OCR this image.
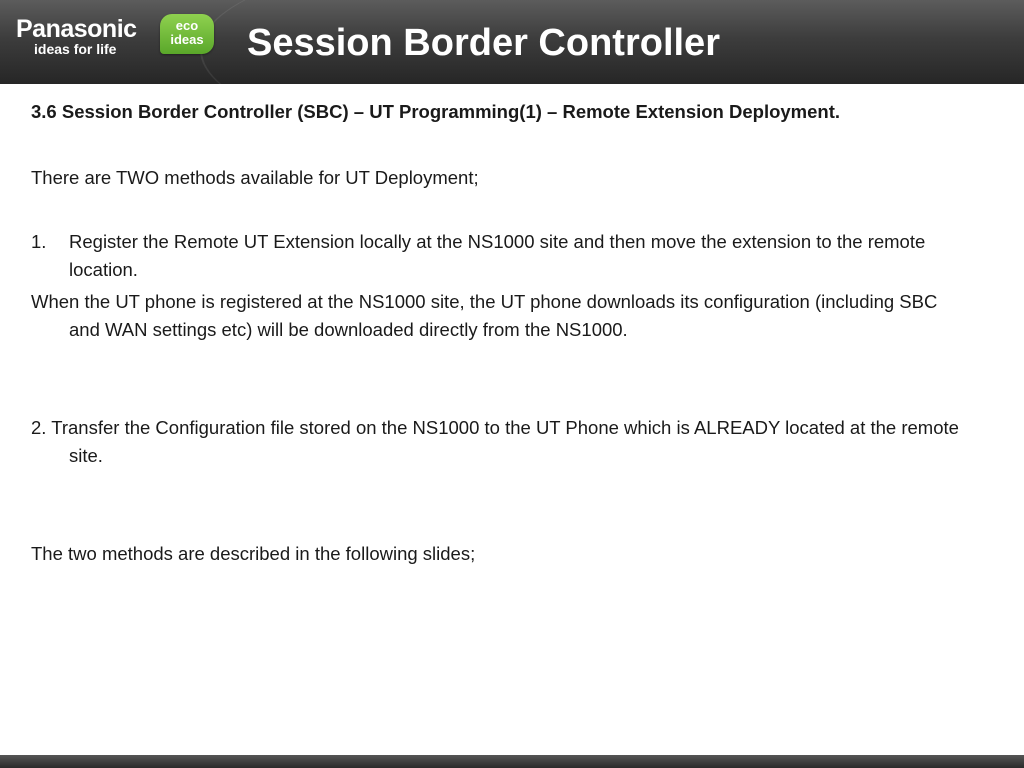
Panasonic
ideas for life
eco
ideas Session Border Controller

3.6 Session Border Controller (SBC) – UT Programming(1) – Remote Extension Deployment.

There are TWO methods available for UT Deployment;

1.	Register the Remote UT Extension locally at the NS1000 site and then move the extension to the remote location.

When the UT phone is registered at the NS1000 site, the UT phone downloads its configuration (including SBC and WAN settings etc) will be downloaded directly from the NS1000.

2. Transfer the Configuration file stored on the NS1000 to the UT Phone which is ALREADY located at the remote site.

The two methods are described in the following slides;
